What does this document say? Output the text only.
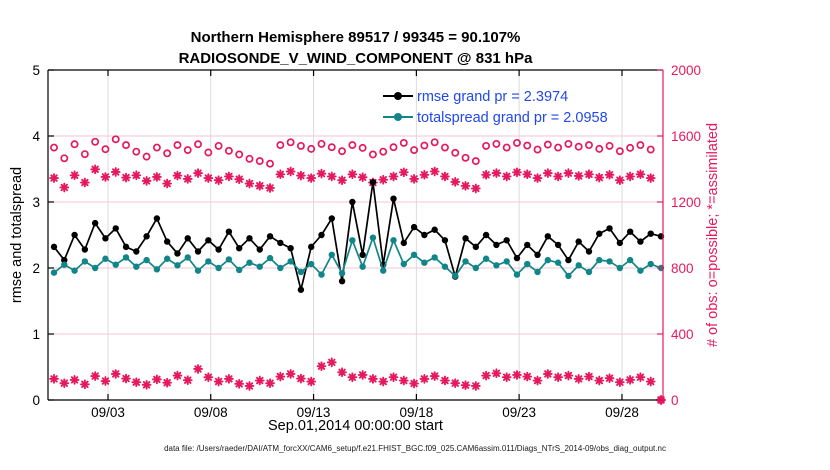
0
1
2
3
4
5
0
400
800
1200
1600
2000
09/03	09/08	09/13	09/18	09/23	09/28
Northern Hemisphere 89517 / 99345 = 90.107%
RADIOSONDE_V_WIND_COMPONENT @ 831 hPa
rmse and totalspread	# of obs: o=possible; *=assimilated
Sep.01,2014 00:00:00 start
data file: /Users/raeder/DAI/ATM_forcXX/CAM6_setup/f.e21.FHIST_BGC.f09_025.CAM6assim.011/Diags_NTrS_2014-09/obs_diag_output.nc
rmse grand pr = 2.3974
totalspread grand pr = 2.0958
